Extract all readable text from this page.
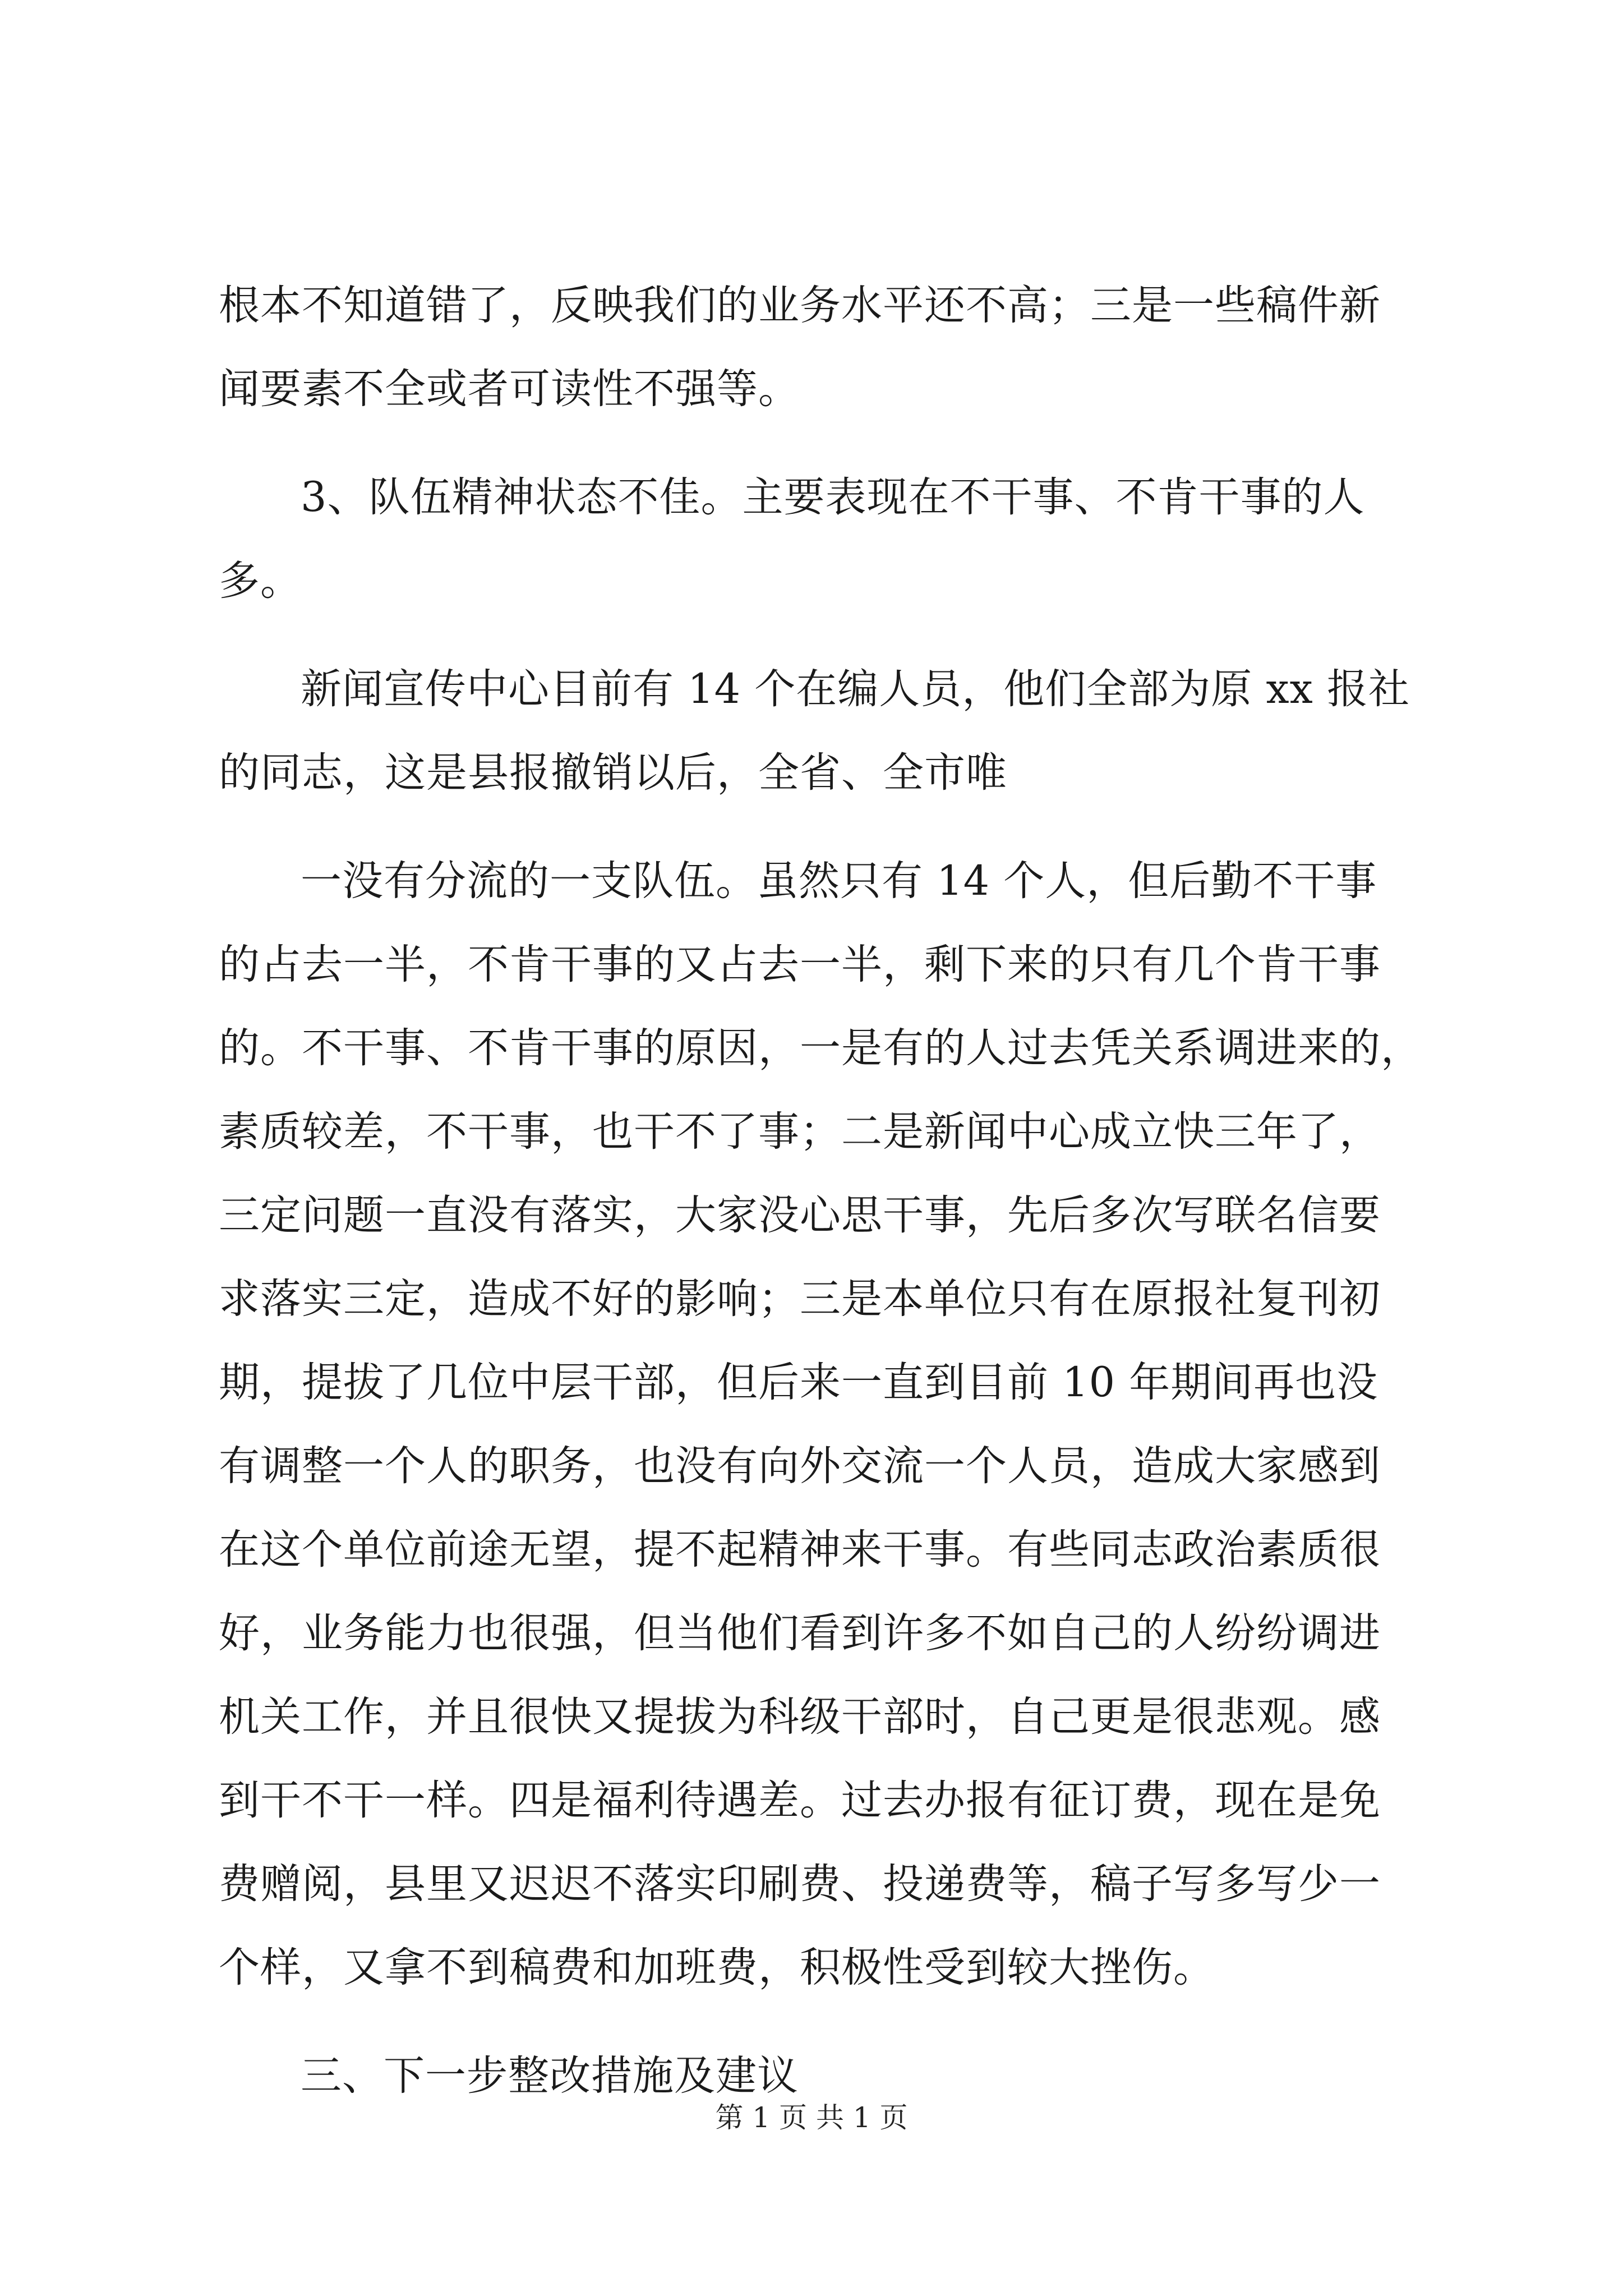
根本不知道错了，反映我们的业务水平还不高；三是一些稿件新
闻要素不全或者可读性不强等。
3、队伍精神状态不佳。主要表现在不干事、不肯干事的人
多。
新闻宣传中心目前有 14 个在编人员，他们全部为原 xx 报社
的同志，这是县报撤销以后，全省、全市唯
一没有分流的一支队伍。虽然只有 14 个人，但后勤不干事
的占去一半，不肯干事的又占去一半，剩下来的只有几个肯干事
的。不干事、不肯干事的原因，一是有的人过去凭关系调进来的，
素质较差，不干事，也干不了事；二是新闻中心成立快三年了，
三定问题一直没有落实，大家没心思干事，先后多次写联名信要
求落实三定，造成不好的影响；三是本单位只有在原报社复刊初
期，提拔了几位中层干部，但后来一直到目前 10 年期间再也没
有调整一个人的职务，也没有向外交流一个人员，造成大家感到
在这个单位前途无望，提不起精神来干事。有些同志政治素质很
好，业务能力也很强，但当他们看到许多不如自己的人纷纷调进
机关工作，并且很快又提拔为科级干部时，自己更是很悲观。感
到干不干一样。四是福利待遇差。过去办报有征订费，现在是免
费赠阅，县里又迟迟不落实印刷费、投递费等，稿子写多写少一
个样，又拿不到稿费和加班费，积极性受到较大挫伤。
三、下一步整改措施及建议
第 1 页 共 1 页
